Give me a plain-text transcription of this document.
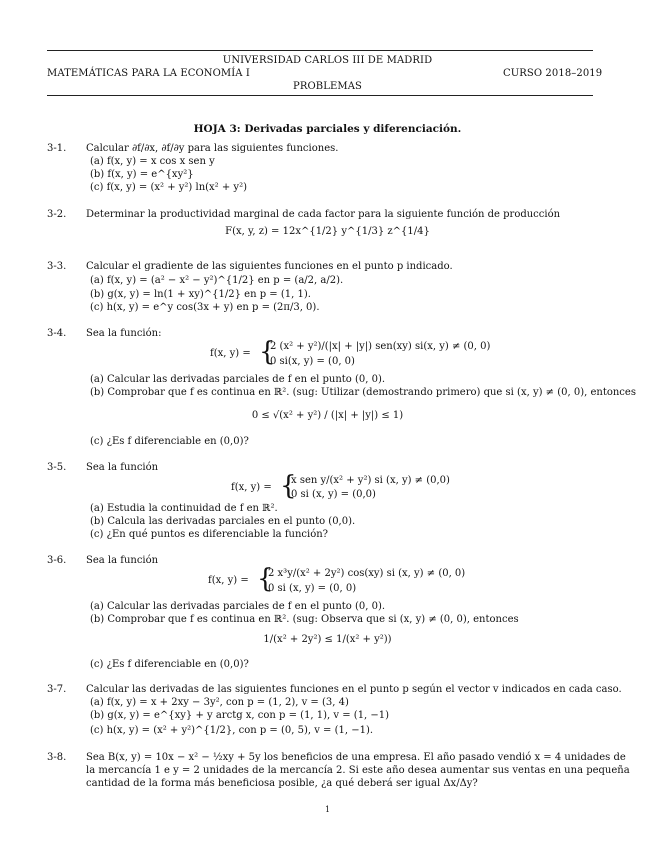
UNIVERSIDAD CARLOS III DE MADRID
MATEMÁTICAS PARA LA ECONOMÍA I	CURSO 2018–2019
PROBLEMAS
HOJA 3: Derivadas parciales y diferenciación.
3-1. Calcular ∂f/∂x, ∂f/∂y para las siguientes funciones.
(a) f(x, y) = x cos x sen y
(b) f(x, y) = e^{xy²}
(c) f(x, y) = (x² + y²) ln(x² + y²)
3-2. Determinar la productividad marginal de cada factor para la siguiente función de producción
F(x, y, z) = 12x^{1/2} y^{1/3} z^{1/4}
3-3. Calcular el gradiente de las siguientes funciones en el punto p indicado.
(a) f(x, y) = (a² − x² − y²)^{1/2} en p = (a/2, a/2).
(b) g(x, y) = ln(1 + xy)^{1/2} en p = (1, 1).
(c) h(x, y) = e^y cos(3x + y) en p = (2π/3, 0).
3-4. Sea la función:
f(x, y) = {
2 (x² + y²)/(|x| + |y|) sen(xy) si(x, y) ≠ (0, 0)
0 si(x, y) = (0, 0)
(a) Calcular las derivadas parciales de f en el punto (0, 0).
(b) Comprobar que f es continua en ℝ². (sug: Utilizar (demostrando primero) que si (x, y) ≠ (0, 0), entonces
0 ≤ √(x² + y²) / (|x| + |y|) ≤ 1)
(c) ¿Es f diferenciable en (0,0)?
3-5. Sea la función
f(x, y) = {
x sen y/(x² + y²) si (x, y) ≠ (0,0)
0 si (x, y) = (0,0)
(a) Estudia la continuidad de f en ℝ².
(b) Calcula las derivadas parciales en el punto (0,0).
(c) ¿En qué puntos es diferenciable la función?
3-6. Sea la función
f(x, y) = {
2 x³y/(x² + 2y²) cos(xy) si (x, y) ≠ (0, 0)
0 si (x, y) = (0, 0)
(a) Calcular las derivadas parciales de f en el punto (0, 0).
(b) Comprobar que f es continua en ℝ². (sug: Observa que si (x, y) ≠ (0, 0), entonces
1/(x² + 2y²) ≤ 1/(x² + y²))
(c) ¿Es f diferenciable en (0,0)?
3-7. Calcular las derivadas de las siguientes funciones en el punto p según el vector v indicados en cada caso.
(a) f(x, y) = x + 2xy − 3y², con p = (1, 2), v = (3, 4)
(b) g(x, y) = e^{xy} + y arctg x, con p = (1, 1), v = (1, −1)
(c) h(x, y) = (x² + y²)^{1/2}, con p = (0, 5), v = (1, −1).
3-8. Sea B(x, y) = 10x − x² − ½xy + 5y los beneficios de una empresa. El año pasado vendió x = 4 unidades de
la mercancía 1 e y = 2 unidades de la mercancía 2. Si este año desea aumentar sus ventas en una pequeña
cantidad de la forma más beneficiosa posible, ¿a qué deberá ser igual Δx/Δy?
1
